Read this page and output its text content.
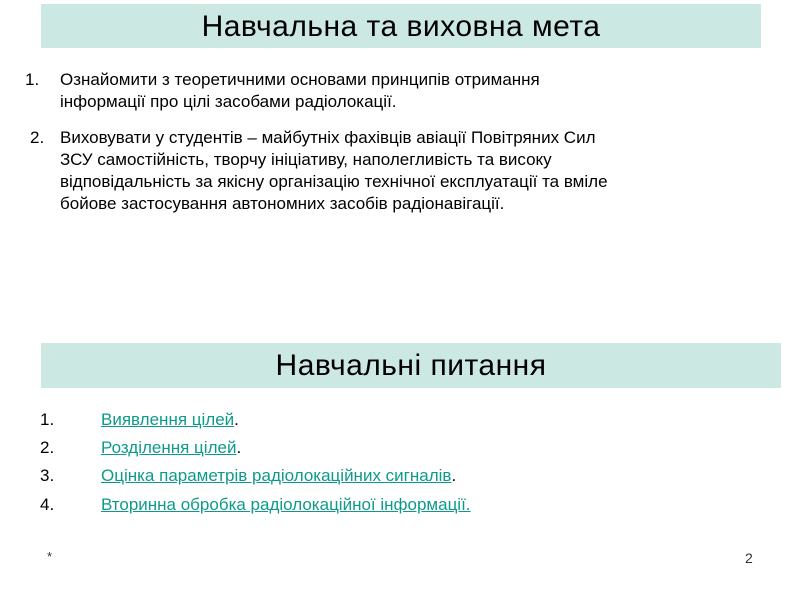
Навчальна та виховна мета
1. Ознайомити з теоретичними основами принципів отримання
інформації про цілі засобами радіолокації.
2. Виховувати у студентів – майбутніх фахівців авіації Повітряних Сил
ЗСУ самостійність, творчу ініціативу, наполегливість та високу
відповідальність за якісну організацію технічної експлуатації та вміле
бойове застосування автономних засобів радіонавігації.
Навчальні питання
1.	Виявлення цілей.
2.	Розділення цілей.
3.	Оцінка параметрів радіолокаційних сигналів.
4.	Вторинна обробка радіолокаційної інформації.
*	2
